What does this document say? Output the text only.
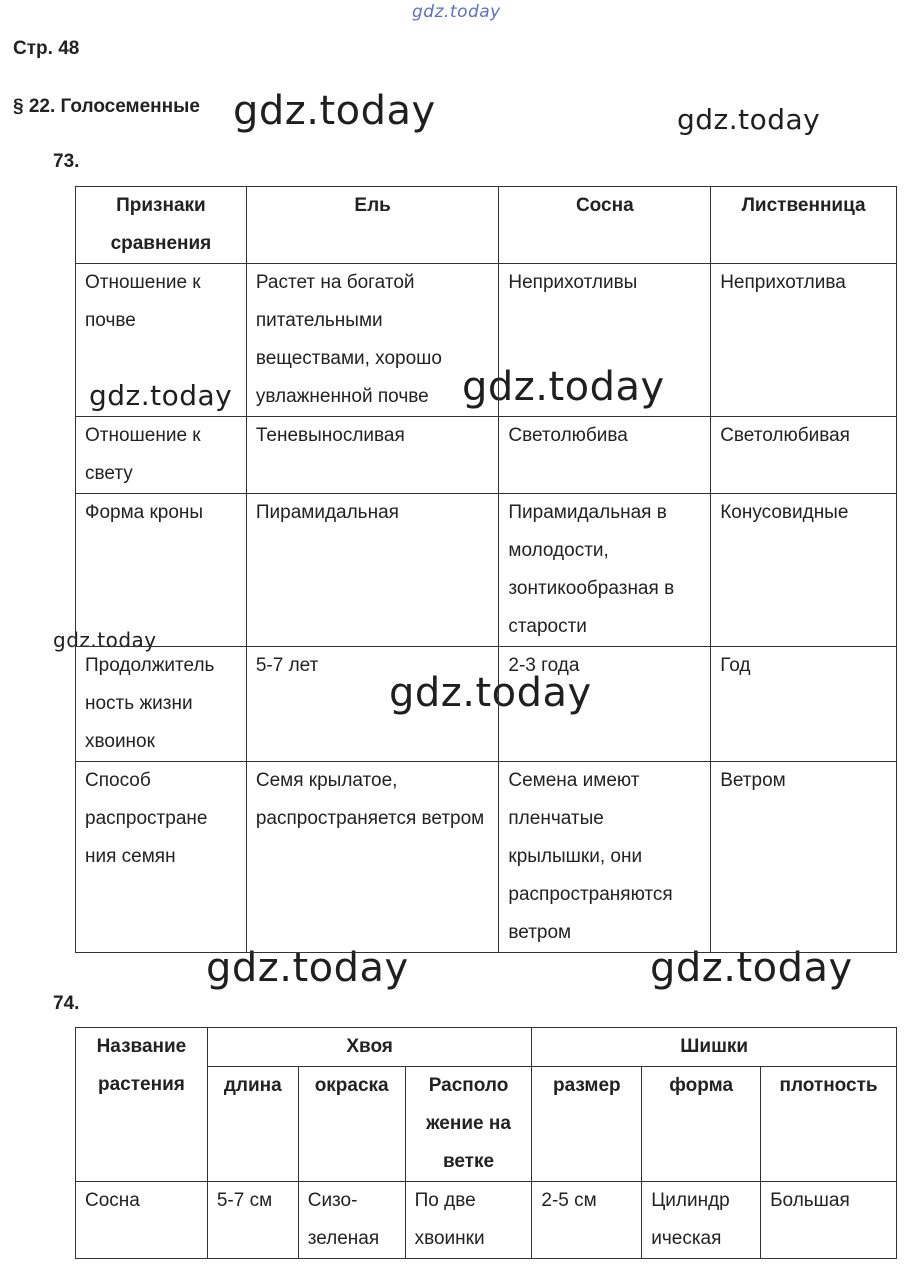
gdz.today
gdz.today	gdz.today
gdz.today	gdz.today
gdz.today
gdz.today
gdz.today	gdz.today
Стр. 48
§ 22. Голосеменные
73.
Признаки сравнения	Ель	Сосна	Лиственница
Отношение к почве	Растет на богатой питательными веществами, хорошо увлажненной почве	Неприхотливы	Неприхотлива
Отношение к свету	Теневыносливая	Светолюбива	Светолюбивая
Форма кроны	Пирамидальная	Пирамидальная в молодости, зонтикообразная в старости	Конусовидные
Продолжитель ность жизни хвоинок	5-7 лет	2-3 года	Год
Способ распростране ния семян	Семя крылатое, распространяется ветром	Семена имеют пленчатые крылышки, они распространяются ветром	Ветром
74.
Название растения	Хвоя			Шишки		
	длина	окраска	Располо жение на ветке	размер	форма	плотность
Сосна	5-7 см	Сизо-зеленая	По две хвоинки	2-5 см	Цилиндр ическая	Большая
